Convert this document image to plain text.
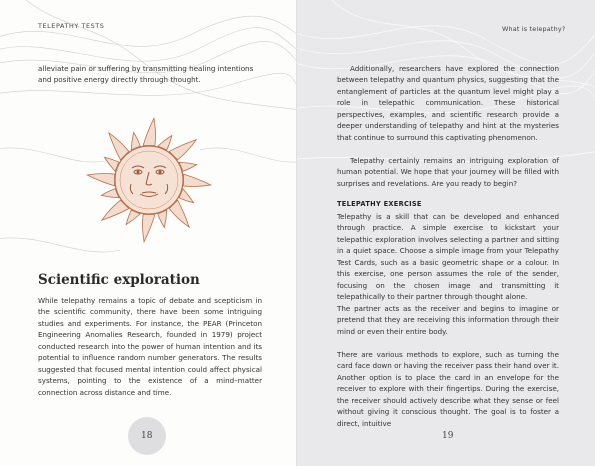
TELEPATHY TESTS

alleviate pain or suffering by transmitting healing intentions and positive energy directly through thought.

Scientific exploration

While telepathy remains a topic of debate and scepticism in the scientific community, there have been some intriguing studies and experiments. For instance, the PEAR (Princeton Engineering Anomalies Research, founded in 1979) project conducted research into the power of human intention and its potential to influence random number generators. The results suggested that focused mental intention could affect physical systems, pointing to the existence of a mind–matter connection across distance and time.

18
What is telepathy?

Additionally, researchers have explored the connection between telepathy and quantum physics, suggesting that the entanglement of particles at the quantum level might play a role in telepathic communication. These historical perspectives, examples, and scientific research provide a deeper understanding of telepathy and hint at the mysteries that continue to surround this captivating phenomenon.

Telepathy certainly remains an intriguing exploration of human potential. We hope that your journey will be filled with surprises and revelations. Are you ready to begin?

TELEPATHY EXERCISE

Telepathy is a skill that can be developed and enhanced through practice. A simple exercise to kickstart your telepathic exploration involves selecting a partner and sitting in a quiet space. Choose a simple image from your Telepathy Test Cards, such as a basic geometric shape or a colour. In this exercise, one person assumes the role of the sender, focusing on the chosen image and transmitting it telepathically to their partner through thought alone.

The partner acts as the receiver and begins to imagine or pretend that they are receiving this information through their mind or even their entire body.

There are various methods to explore, such as turning the card face down or having the receiver pass their hand over it. Another option is to place the card in an envelope for the receiver to explore with their fingertips. During the exercise, the receiver should actively describe what they sense or feel without giving it conscious thought. The goal is to foster a direct, intuitive

19
